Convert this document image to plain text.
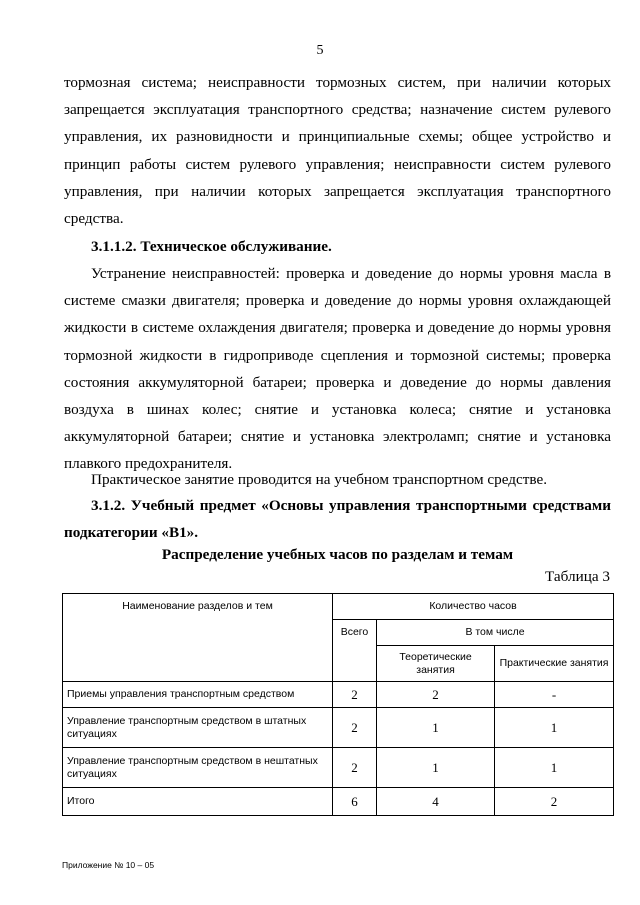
5
тормозная система; неисправности тормозных систем, при наличии которых запрещается эксплуатация транспортного средства; назначение систем рулевого управления, их разновидности и принципиальные схемы; общее устройство и принцип работы систем рулевого управления; неисправности систем рулевого управления, при наличии которых запрещается эксплуатация транспортного средства.
3.1.1.2. Техническое обслуживание.
Устранение неисправностей: проверка и доведение до нормы уровня масла в системе смазки двигателя; проверка и доведение до нормы уровня охлаждающей жидкости в системе охлаждения двигателя; проверка и доведение до нормы уровня тормозной жидкости в гидроприводе сцепления и тормозной системы; проверка состояния аккумуляторной батареи; проверка и доведение до нормы давления воздуха в шинах колес; снятие и установка колеса; снятие и установка аккумуляторной батареи; снятие и установка электроламп; снятие и установка плавкого предохранителя.
Практическое занятие проводится на учебном транспортном средстве.
3.1.2. Учебный предмет «Основы управления транспортными средствами подкатегории «В1».
Распределение учебных часов по разделам и темам
Таблица 3
Наименование разделов и тем	Количество часов		
	Всего	В том числе	
		Теоретические занятия	Практические занятия
Приемы управления транспортным средством	2	2	-
Управление транспортным средством в штатных ситуациях	2	1	1
Управление транспортным средством в нештатных ситуациях	2	1	1
Итого	6	4	2
Приложение № 10 – 05
